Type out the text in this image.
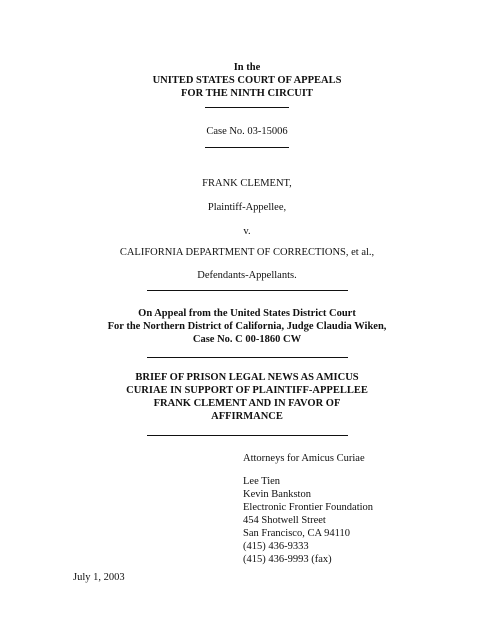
In the
UNITED STATES COURT OF APPEALS
FOR THE NINTH CIRCUIT
Case No. 03-15006
FRANK CLEMENT,
Plaintiff-Appellee,
v.
CALIFORNIA DEPARTMENT OF CORRECTIONS, et al.,
Defendants-Appellants.
On Appeal from the United States District Court
For the Northern District of California, Judge Claudia Wiken,
Case No. C 00-1860 CW
BRIEF OF PRISON LEGAL NEWS AS AMICUS
CURIAE IN SUPPORT OF PLAINTIFF-APPELLEE
FRANK CLEMENT AND IN FAVOR OF
AFFIRMANCE
Attorneys for Amicus Curiae
Lee Tien
Kevin Bankston
Electronic Frontier Foundation
454 Shotwell Street
San Francisco, CA 94110
(415) 436-9333
(415) 436-9993 (fax)
July 1, 2003
